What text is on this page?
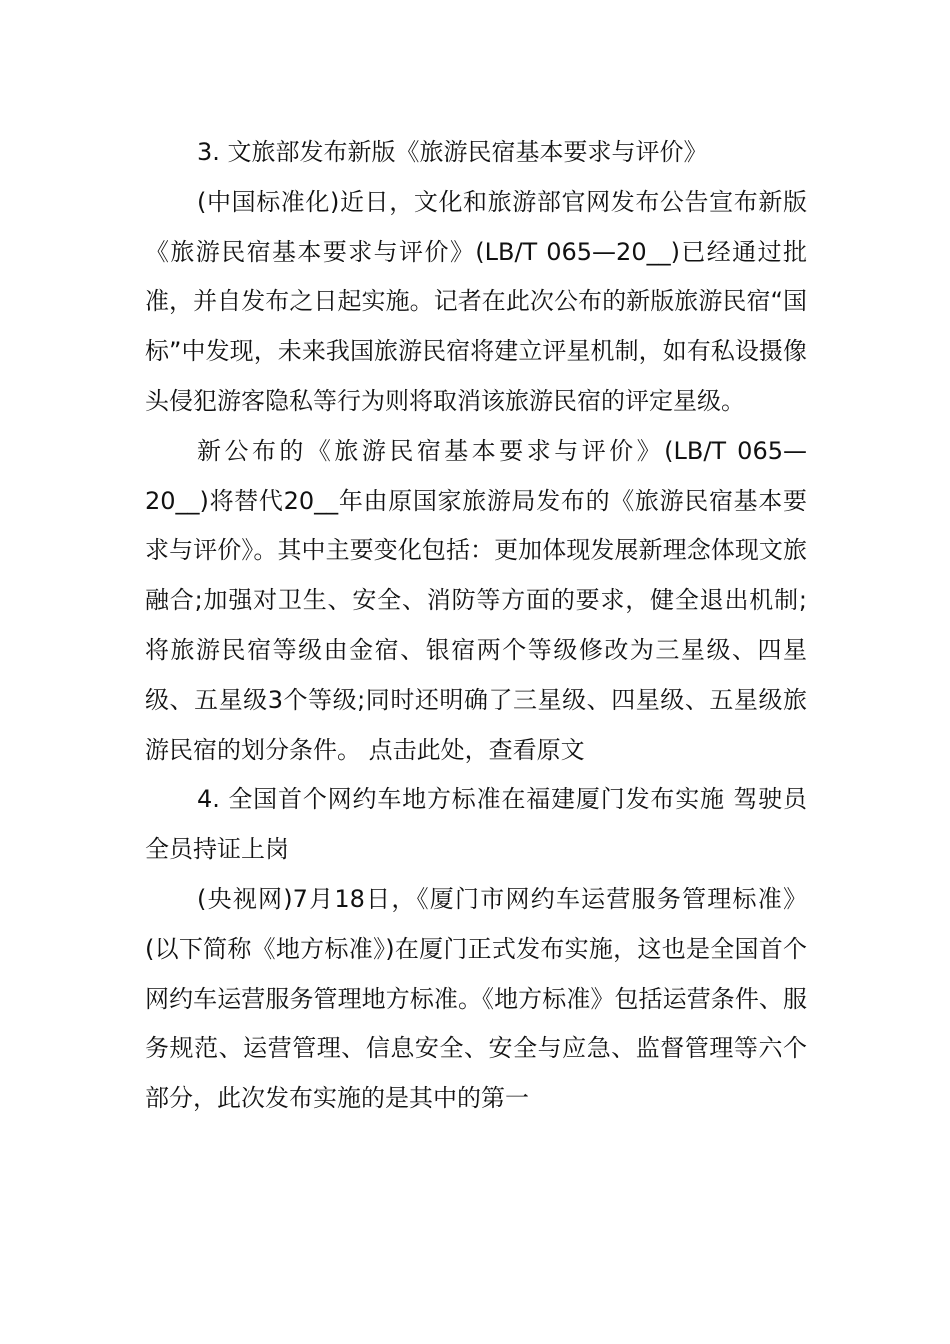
3. 文旅部发布新版《旅游民宿基本要求与评价》

(中国标准化)近日，文化和旅游部官网发布公告宣布新版《旅游民宿基本要求与评价》(LB/T 065—20__)已经通过批准，并自发布之日起实施。记者在此次公布的新版旅游民宿“国标”中发现，未来我国旅游民宿将建立评星机制，如有私设摄像头侵犯游客隐私等行为则将取消该旅游民宿的评定星级。

新公布的《旅游民宿基本要求与评价》(LB/T 065—20__)将替代20__年由原国家旅游局发布的《旅游民宿基本要求与评价》。其中主要变化包括：更加体现发展新理念体现文旅融合;加强对卫生、安全、消防等方面的要求，健全退出机制;将旅游民宿等级由金宿、银宿两个等级修改为三星级、四星级、五星级3个等级;同时还明确了三星级、四星级、五星级旅游民宿的划分条件。 点击此处，查看原文

4. 全国首个网约车地方标准在福建厦门发布实施 驾驶员全员持证上岗

(央视网)7月18日，《厦门市网约车运营服务管理标准》(以下简称《地方标准》)在厦门正式发布实施，这也是全国首个网约车运营服务管理地方标准。《地方标准》包括运营条件、服务规范、运营管理、信息安全、安全与应急、监督管理等六个部分，此次发布实施的是其中的第一
